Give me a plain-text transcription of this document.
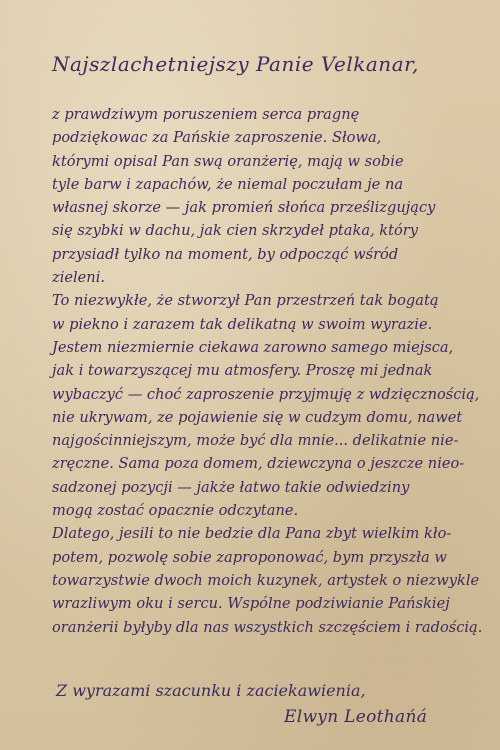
Najszlachetniejszy Panie Velkanar,
z prawdziwym poruszeniem serca pragnę
podziękowac za Pańskie zaproszenie. Słowa,
którymi opisal Pan swą oranżerię, mają w sobie
tyle barw i zapachów, że niemal poczułam je na
własnej skorze — jak promień słońca prześlizgujący
się szybki w dachu, jak cien skrzydeł ptaka, który
przysiadł tylko na moment, by odpocząć wśród
zieleni.
To niezwykłe, że stworzył Pan przestrzeń tak bogatą
w piekno i zarazem tak delikatną w swoim wyrazie.
Jestem niezmiernie ciekawa zarowno samego miejsca,
jak i towarzyszącej mu atmosfery. Proszę mi jednak
wybaczyć — choć zaproszenie przyjmuję z wdzięcznością,
nie ukrywam, ze pojawienie się w cudzym domu, nawet
najgościnniejszym, może być dla mnie... delikatnie nie-
zręczne. Sama poza domem, dziewczyna o jeszcze nieo-
sadzonej pozycji — jakże łatwo takie odwiedziny
mogą zostać opacznie odczytane.
Dlatego, jesili to nie bedzie dla Pana zbyt wielkim kło-
potem, pozwolę sobie zaproponować, bym przyszła w
towarzystwie dwoch moich kuzynek, artystek o niezwykle
wrazliwym oku i sercu. Wspólne podziwianie Pańskiej
oranżerii byłyby dla nas wszystkich szczęściem i radością.
Z wyrazami szacunku i zaciekawienia,
Elwyn Leothańá
